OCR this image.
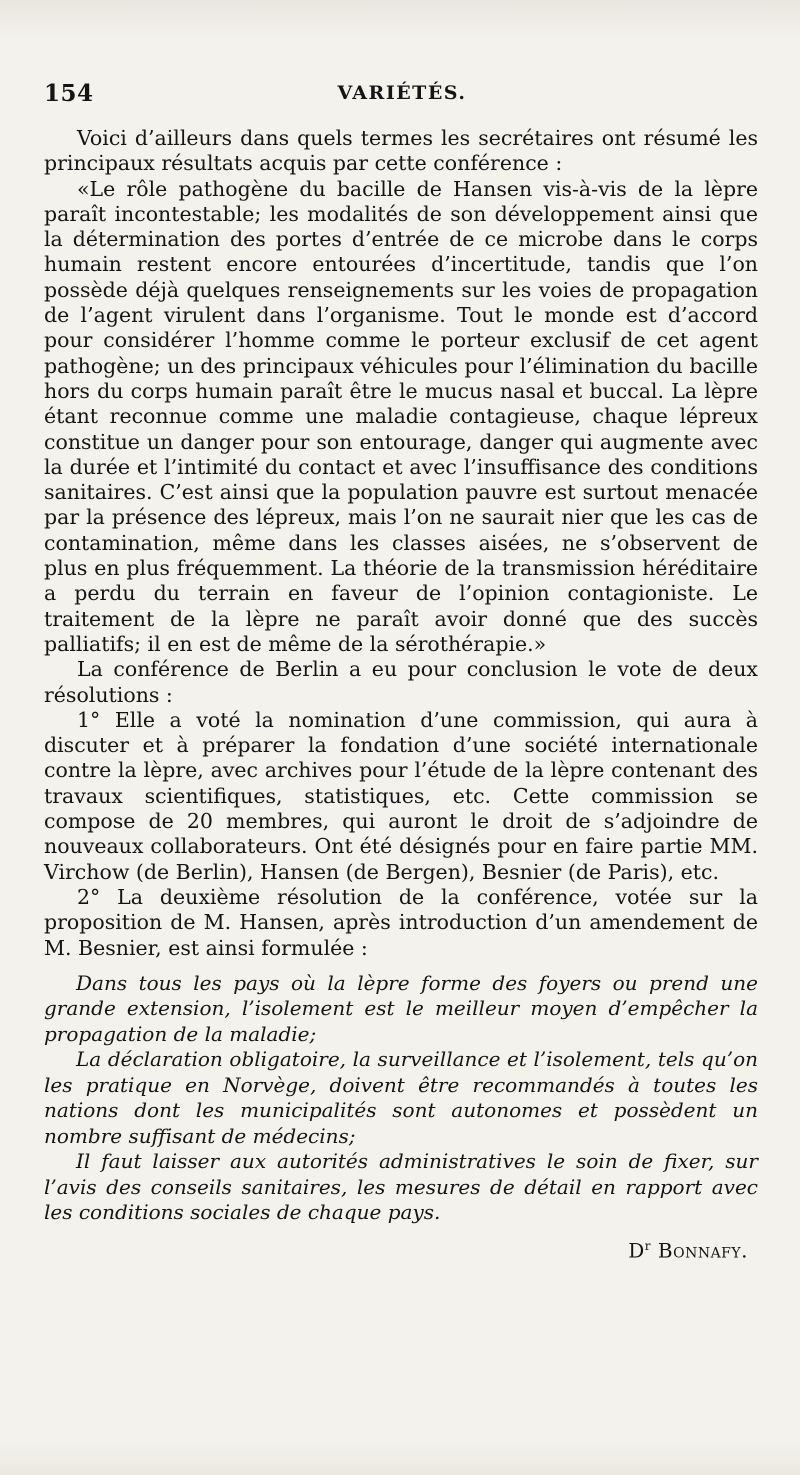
154	VARIÉTÉS.

Voici d’ailleurs dans quels termes les secrétaires ont résumé les principaux résultats acquis par cette conférence :

«Le rôle pathogène du bacille de Hansen vis-à-vis de la lèpre paraît incontestable; les modalités de son développement ainsi que la détermination des portes d’entrée de ce microbe dans le corps humain restent encore entourées d’incertitude, tandis que l’on possède déjà quelques renseignements sur les voies de propagation de l’agent virulent dans l’organisme. Tout le monde est d’accord pour considérer l’homme comme le porteur exclusif de cet agent pathogène; un des principaux véhicules pour l’élimination du bacille hors du corps humain paraît être le mucus nasal et buccal. La lèpre étant reconnue comme une maladie contagieuse, chaque lépreux constitue un danger pour son entourage, danger qui augmente avec la durée et l’intimité du contact et avec l’insuffisance des conditions sanitaires. C’est ainsi que la population pauvre est surtout menacée par la présence des lépreux, mais l’on ne saurait nier que les cas de contamination, même dans les classes aisées, ne s’observent de plus en plus fréquemment. La théorie de la transmission héréditaire a perdu du terrain en faveur de l’opinion contagioniste. Le traitement de la lèpre ne paraît avoir donné que des succès palliatifs; il en est de même de la sérothérapie.»

La conférence de Berlin a eu pour conclusion le vote de deux résolutions :

1° Elle a voté la nomination d’une commission, qui aura à discuter et à préparer la fondation d’une société internationale contre la lèpre, avec archives pour l’étude de la lèpre contenant des travaux scientifiques, statistiques, etc. Cette commission se compose de 20 membres, qui auront le droit de s’adjoindre de nouveaux collaborateurs. Ont été désignés pour en faire partie MM. Virchow (de Berlin), Hansen (de Bergen), Besnier (de Paris), etc.

2° La deuxième résolution de la conférence, votée sur la proposition de M. Hansen, après introduction d’un amendement de M. Besnier, est ainsi formulée :

Dans tous les pays où la lèpre forme des foyers ou prend une grande extension, l’isolement est le meilleur moyen d’empêcher la propagation de la maladie;

La déclaration obligatoire, la surveillance et l’isolement, tels qu’on les pratique en Norvège, doivent être recommandés à toutes les nations dont les municipalités sont autonomes et possèdent un nombre suffisant de médecins;

Il faut laisser aux autorités administratives le soin de fixer, sur l’avis des conseils sanitaires, les mesures de détail en rapport avec les conditions sociales de chaque pays.

$D^r$ Bonnafy.
